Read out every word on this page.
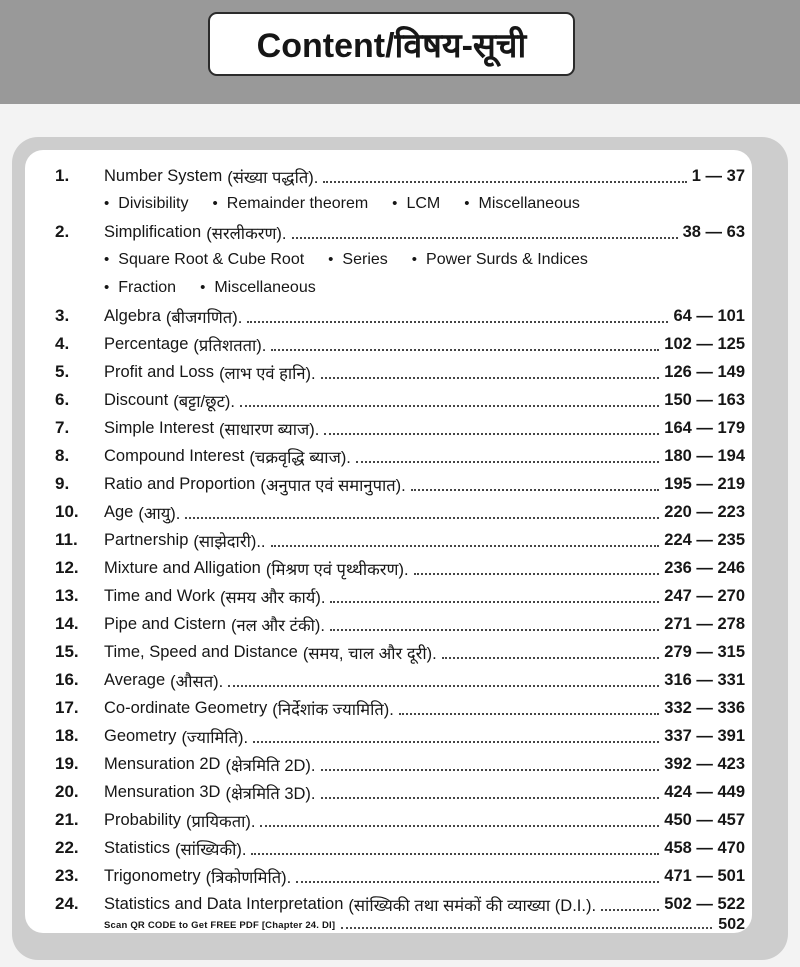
Content/विषय-सूची
1.	Number System (संख्या पद्धति).	1 — 37
• Divisibility • Remainder theorem • LCM • Miscellaneous
2.	Simplification (सरलीकरण).	38 — 63
• Square Root & Cube Root • Series • Power Surds & Indices
• Fraction • Miscellaneous
3.	Algebra (बीजगणित).	64 — 101
4.	Percentage (प्रतिशतता).	102 — 125
5.	Profit and Loss (लाभ एवं हानि).	126 — 149
6.	Discount (बट्टा/छूट).	150 — 163
7.	Simple Interest (साधारण ब्याज).	164 — 179
8.	Compound Interest (चक्रवृद्धि ब्याज).	180 — 194
9.	Ratio and Proportion (अनुपात एवं समानुपात).	195 — 219
10.	Age (आयु).	220 — 223
11.	Partnership (साझेदारी)..	224 — 235
12.	Mixture and Alligation (मिश्रण एवं पृथ्थीकरण).	236 — 246
13.	Time and Work (समय और कार्य).	247 — 270
14.	Pipe and Cistern (नल और टंकी).	271 — 278
15.	Time, Speed and Distance (समय, चाल और दूरी).	279 — 315
16.	Average (औसत).	316 — 331
17.	Co-ordinate Geometry (निर्देशांक ज्यामिति).	332 — 336
18.	Geometry (ज्यामिति).	337 — 391
19.	Mensuration 2D (क्षेत्रमिति 2D).	392 — 423
20.	Mensuration 3D (क्षेत्रमिति 3D).	424 — 449
21.	Probability (प्रायिकता).	450 — 457
22.	Statistics (सांख्यिकी).	458 — 470
23.	Trigonometry (त्रिकोणमिति).	471 — 501
24.	Statistics and Data Interpretation (सांख्यिकी तथा समंकों की व्याख्या (D.I.).	502 — 522
Scan QR CODE to Get FREE PDF [Chapter 24. DI]	502
